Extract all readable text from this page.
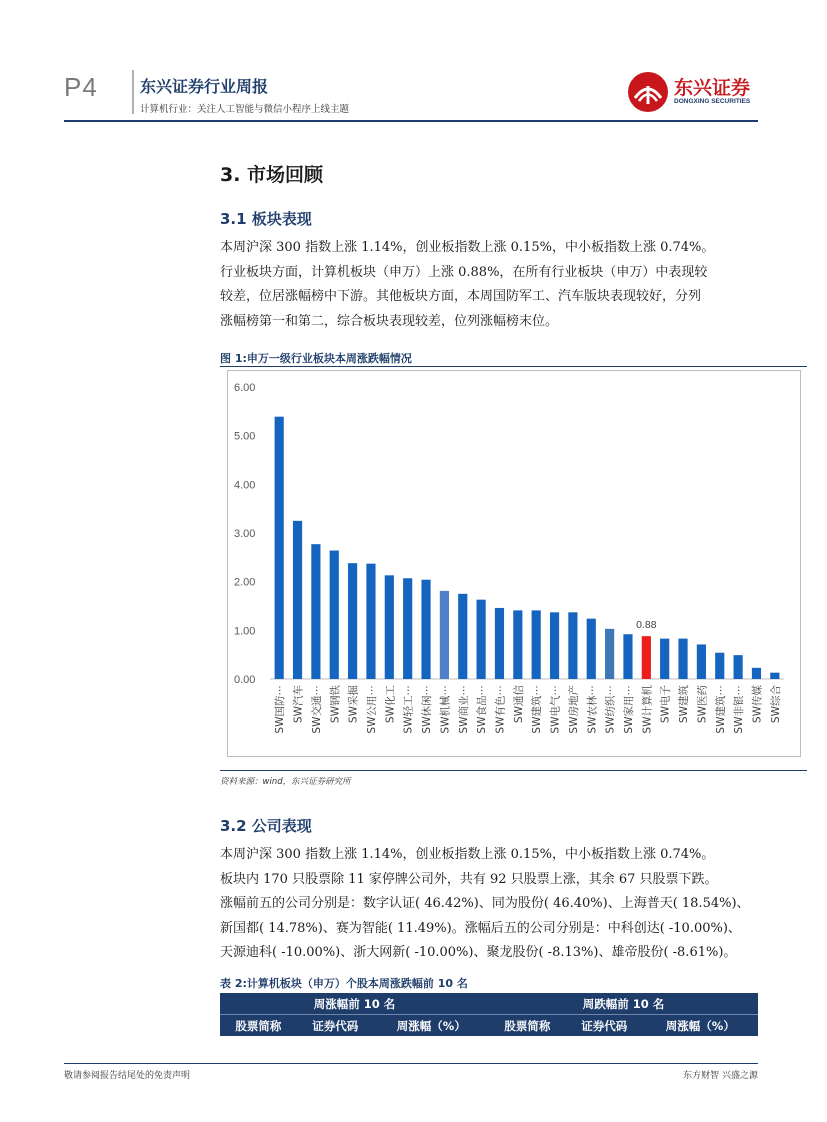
P4	东兴证券行业周报
计算机行业：关注人工智能与微信小程序上线主题
东兴证券
DONGXING SECURITIES
3. 市场回顾
3.1 板块表现
本周沪深 300 指数上涨 1.14%，创业板指数上涨 0.15%，中小板指数上涨 0.74%。
行业板块方面，计算机板块（申万）上涨 0.88%，在所有行业板块（申万）中表现较
较差，位居涨幅榜中下游。其他板块方面，本周国防军工、汽车版块表现较好，分列
涨幅榜第一和第二，综合板块表现较差，位列涨幅榜末位。
图 1:申万一级行业板块本周涨跌幅情况
6.00
5.00
4.00
3.00
2.00
1.00
0.00
SW国防⋯ SW汽车 SW交通⋯ SW钢铁 SW采掘 SW公用⋯ SW化工 SW轻工⋯ SW休闲⋯ SW机械⋯ SW商业⋯ SW食品⋯ SW有色⋯ SW通信 SW建筑⋯ SW电气⋯ SW房地产 SW农林⋯ SW纺织⋯ SW家用⋯ SW计算机 SW电子 SW建筑 SW医药 SW建筑⋯ SW非银⋯ SW传媒 SW综合
0.88
资料来源：wind，东兴证券研究所
3.2 公司表现
本周沪深 300 指数上涨 1.14%，创业板指数上涨 0.15%，中小板指数上涨 0.74%。
板块内 170 只股票除 11 家停牌公司外，共有 92 只股票上涨，其余 67 只股票下跌。
涨幅前五的公司分别是：数字认证( 46.42%)、同为股份( 46.40%)、上海普天( 18.54%)、
新国都( 14.78%)、赛为智能( 11.49%)。涨幅后五的公司分别是：中科创达( -10.00%)、
天源迪科( -10.00%)、浙大网新( -10.00%)、聚龙股份( -8.13%)、雄帝股份( -8.61%)。
表 2:计算机板块（申万）个股本周涨跌幅前 10 名
周涨幅前 10 名			周跌幅前 10 名		
股票简称	证券代码	周涨幅（%）	股票简称	证券代码	周涨幅（%）
敬请参阅报告结尾处的免责声明	东方财智 兴盛之源
